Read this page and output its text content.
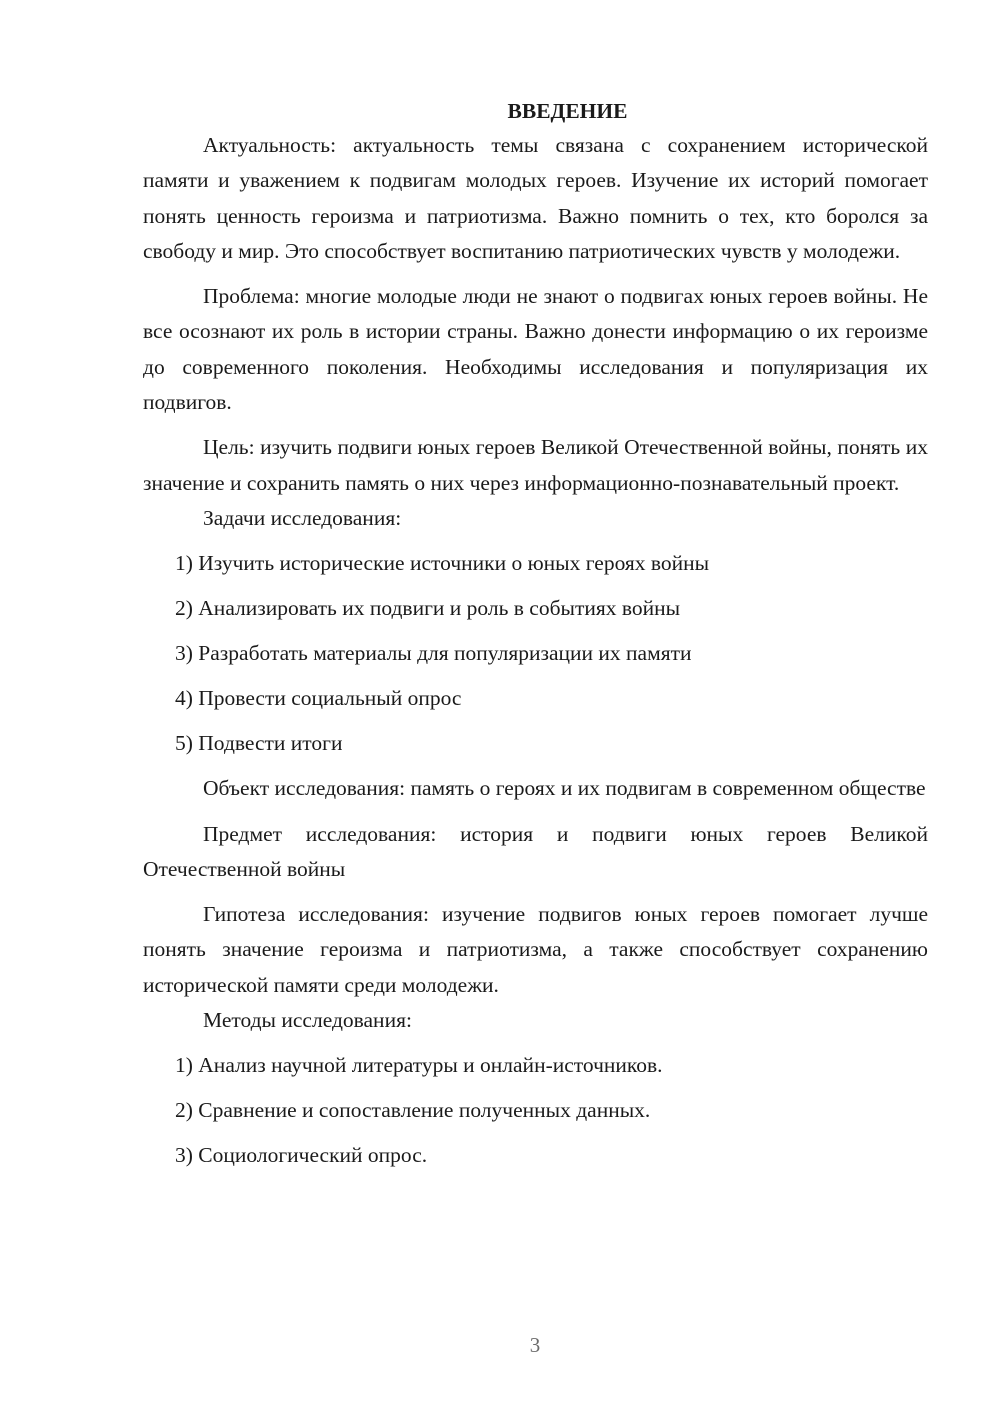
ВВЕДЕНИЕ

Актуальность: актуальность темы связана с сохранением исторической памяти и уважением к подвигам молодых героев. Изучение их историй помогает понять ценность героизма и патриотизма. Важно помнить о тех, кто боролся за свободу и мир. Это способствует воспитанию патриотических чувств у молодежи.

Проблема: многие молодые люди не знают о подвигах юных героев войны. Не все осознают их роль в истории страны. Важно донести информацию о их героизме до современного поколения. Необходимы исследования и популяризация их подвигов.

Цель: изучить подвиги юных героев Великой Отечественной войны, понять их значение и сохранить память о них через информационно-познавательный проект.

Задачи исследования:

1) Изучить исторические источники о юных героях войны

2) Анализировать их подвиги и роль в событиях войны

3) Разработать материалы для популяризации их памяти

4) Провести социальный опрос

5) Подвести итоги

Объект исследования: память о героях и их подвигам в современном обществе

Предмет исследования: история и подвиги юных героев Великой Отечественной войны

Гипотеза исследования: изучение подвигов юных героев помогает лучше понять значение героизма и патриотизма, а также способствует сохранению исторической памяти среди молодежи.

Методы исследования:

1) Анализ научной литературы и онлайн-источников.

2) Сравнение и сопоставление полученных данных.

3) Социологический опрос.

3
